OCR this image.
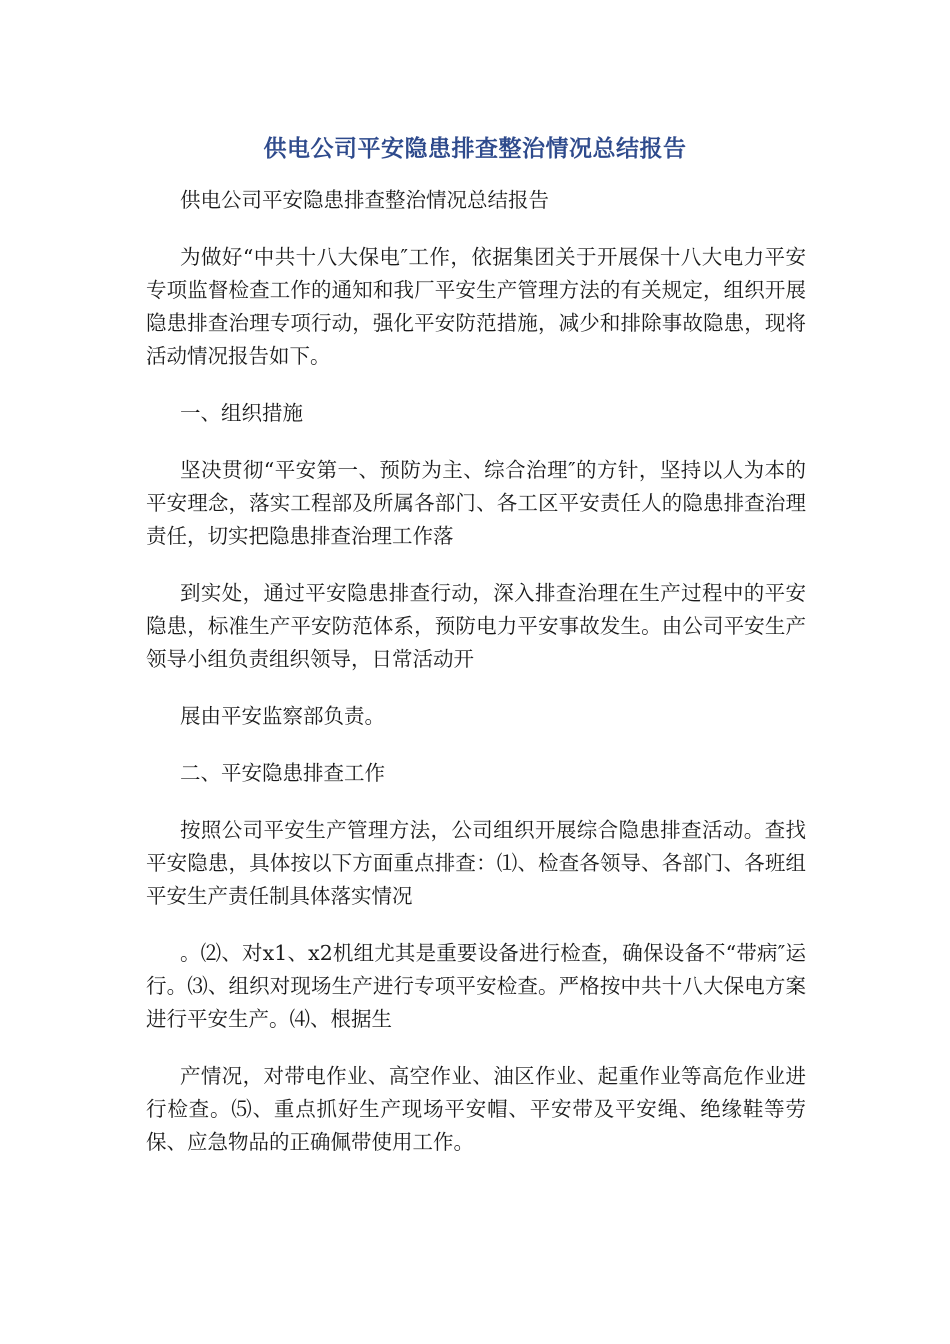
供电公司平安隐患排查整治情况总结报告

供电公司平安隐患排查整治情况总结报告

为做好“中共十八大保电″工作，依据集团关于开展保十八大电力平安专项监督检查工作的通知和我厂平安生产管理方法的有关规定，组织开展隐患排查治理专项行动，强化平安防范措施，减少和排除事故隐患，现将活动情况报告如下。

一、组织措施

坚决贯彻“平安第一、预防为主、综合治理″的方针，坚持以人为本的平安理念，落实工程部及所属各部门、各工区平安责任人的隐患排查治理责任，切实把隐患排查治理工作落

到实处，通过平安隐患排查行动，深入排查治理在生产过程中的平安隐患，标准生产平安防范体系，预防电力平安事故发生。由公司平安生产领导小组负责组织领导，日常活动开

展由平安监察部负责。

二、平安隐患排查工作

按照公司平安生产管理方法，公司组织开展综合隐患排查活动。查找平安隐患，具体按以下方面重点排查：⑴、检查各领导、各部门、各班组平安生产责任制具体落实情况

。⑵、对x1、x2机组尤其是重要设备进行检查，确保设备不“带病″运行。⑶、组织对现场生产进行专项平安检查。严格按中共十八大保电方案进行平安生产。⑷、根据生

产情况，对带电作业、高空作业、油区作业、起重作业等高危作业进行检查。⑸、重点抓好生产现场平安帽、平安带及平安绳、绝缘鞋等劳保、应急物品的正确佩带使用工作。
